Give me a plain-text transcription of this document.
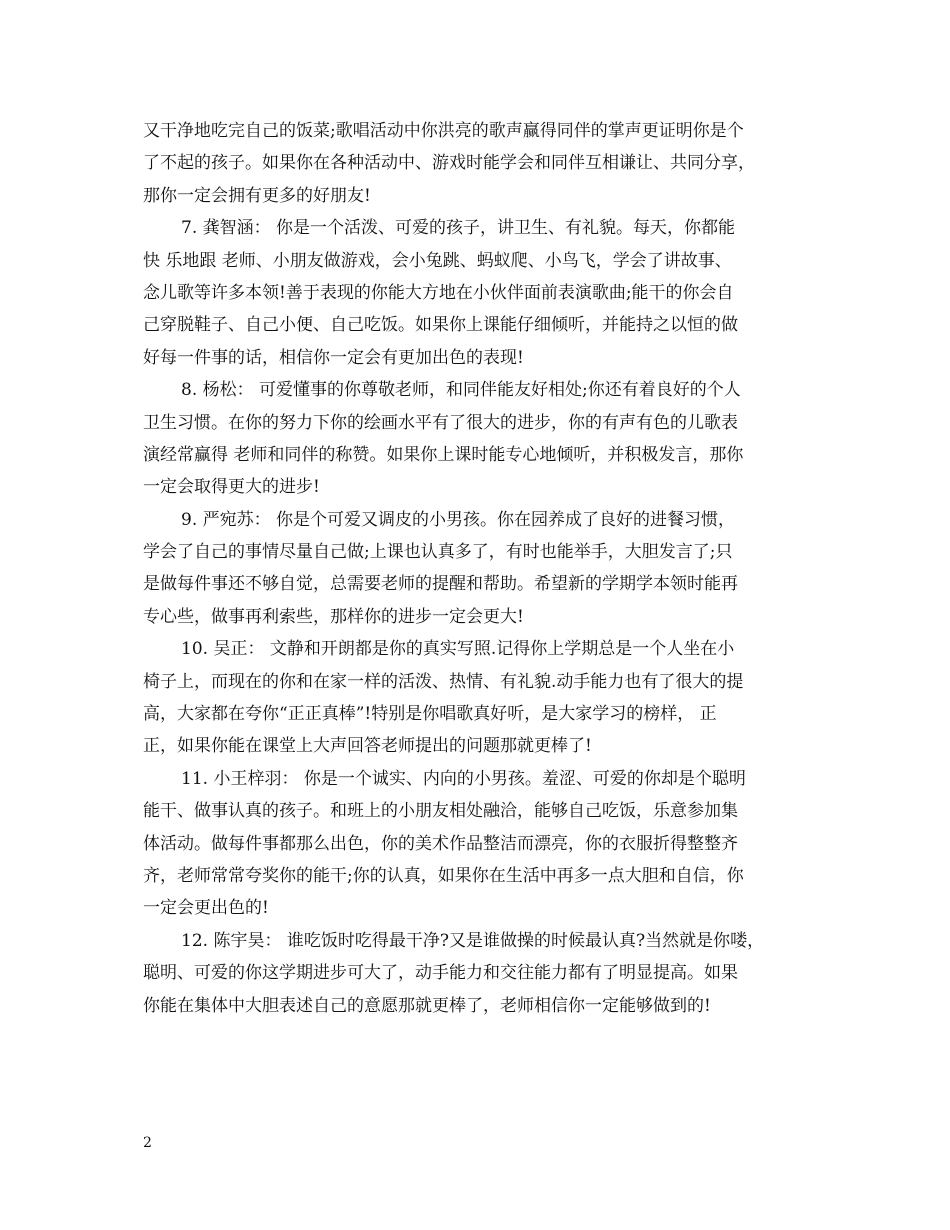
又干净地吃完自己的饭菜;歌唱活动中你洪亮的歌声赢得同伴的掌声更证明你是个
了不起的孩子。如果你在各种活动中、游戏时能学会和同伴互相谦让、共同分享，
那你一定会拥有更多的好朋友!
7. 龚智涵： 你是一个活泼、可爱的孩子，讲卫生、有礼貌。每天，你都能
快 乐地跟 老师、小朋友做游戏，会小兔跳、蚂蚁爬、小鸟飞，学会了讲故事、
念儿歌等许多本领!善于表现的你能大方地在小伙伴面前表演歌曲;能干的你会自
己穿脱鞋子、自己小便、自己吃饭。如果你上课能仔细倾听，并能持之以恒的做
好每一件事的话，相信你一定会有更加出色的表现!
8. 杨松： 可爱懂事的你尊敬老师，和同伴能友好相处;你还有着良好的个人
卫生习惯。在你的努力下你的绘画水平有了很大的进步，你的有声有色的儿歌表
演经常赢得 老师和同伴的称赞。如果你上课时能专心地倾听，并积极发言，那你
一定会取得更大的进步!
9. 严宛苏： 你是个可爱又调皮的小男孩。你在园养成了良好的进餐习惯，
学会了自己的事情尽量自己做;上课也认真多了，有时也能举手，大胆发言了;只
是做每件事还不够自觉，总需要老师的提醒和帮助。希望新的学期学本领时能再
专心些，做事再利索些，那样你的进步一定会更大!
10. 吴正： 文静和开朗都是你的真实写照.记得你上学期总是一个人坐在小
椅子上，而现在的你和在家一样的活泼、热情、有礼貌.动手能力也有了很大的提
高，大家都在夸你“正正真棒”!特别是你唱歌真好听，是大家学习的榜样， 正
正，如果你能在课堂上大声回答老师提出的问题那就更棒了!
11. 小王梓羽： 你是一个诚实、内向的小男孩。羞涩、可爱的你却是个聪明
能干、做事认真的孩子。和班上的小朋友相处融洽，能够自己吃饭，乐意参加集
体活动。做每件事都那么出色，你的美术作品整洁而漂亮，你的衣服折得整整齐
齐，老师常常夸奖你的能干;你的认真，如果你在生活中再多一点大胆和自信，你
一定会更出色的!
12. 陈宇昊： 谁吃饭时吃得最干净?又是谁做操的时候最认真?当然就是你喽，
聪明、可爱的你这学期进步可大了，动手能力和交往能力都有了明显提高。如果
你能在集体中大胆表述自己的意愿那就更棒了，老师相信你一定能够做到的!
2
